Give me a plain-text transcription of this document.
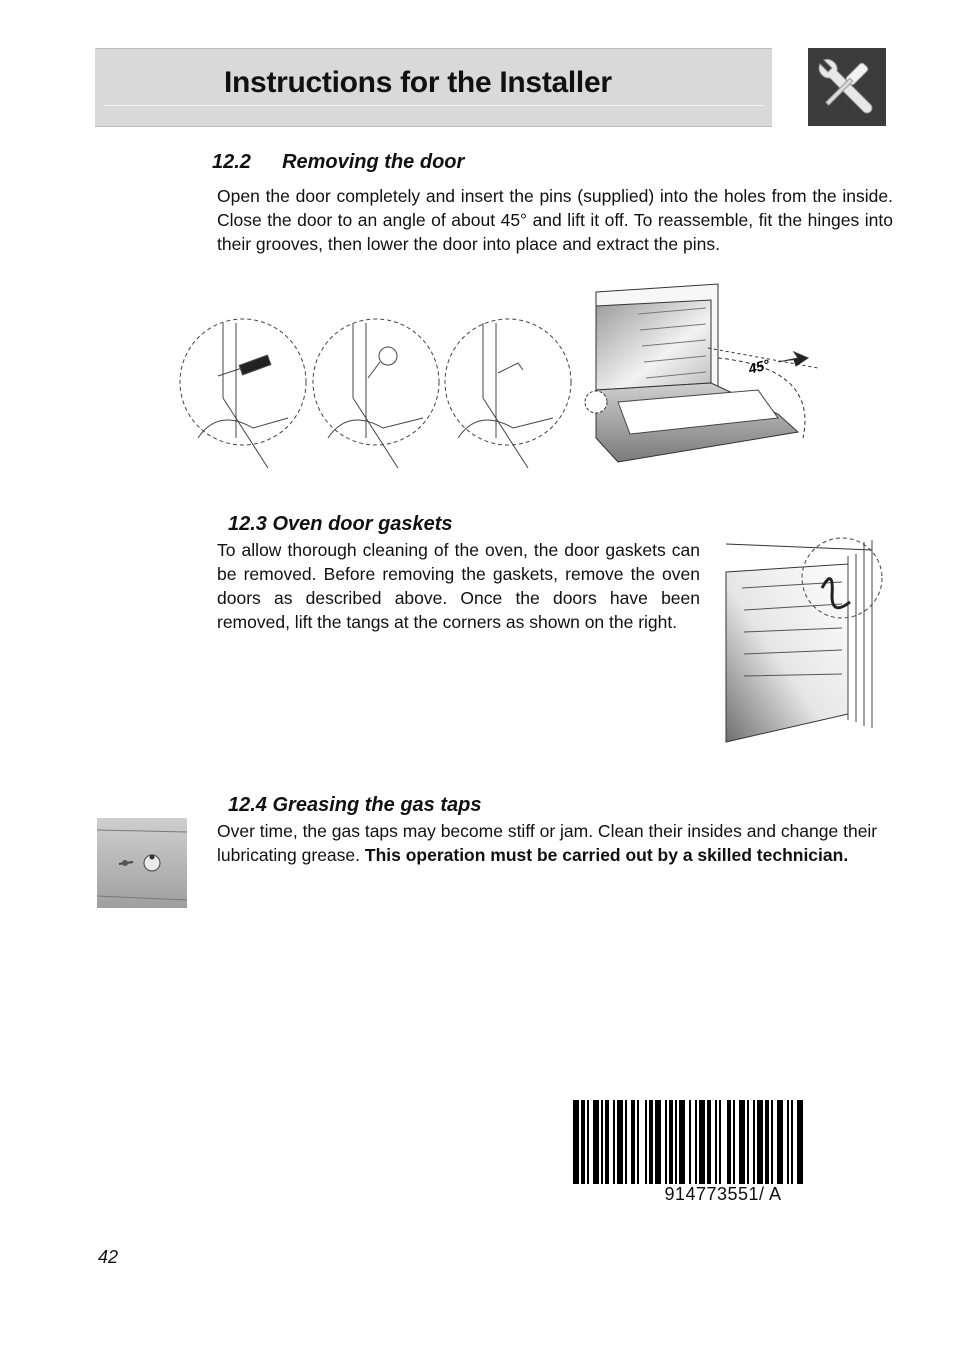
Instructions for the Installer
12.2 Removing the door
Open the door completely and insert the pins (supplied) into the holes from the inside. Close the door to an angle of about 45° and lift it off. To reassemble, fit the hinges into their grooves, then lower the door into place and extract the pins.
45°
12.3 Oven door gaskets
To allow thorough cleaning of the oven, the door gaskets can be removed. Before removing the gaskets, remove the oven doors as described above. Once the doors have been removed, lift the tangs at the corners as shown on the right.
12.4 Greasing the gas taps
Over time, the gas taps may become stiff or jam. Clean their insides and change their lubricating grease. This operation must be carried out by a skilled technician.
914773551/ A
42
